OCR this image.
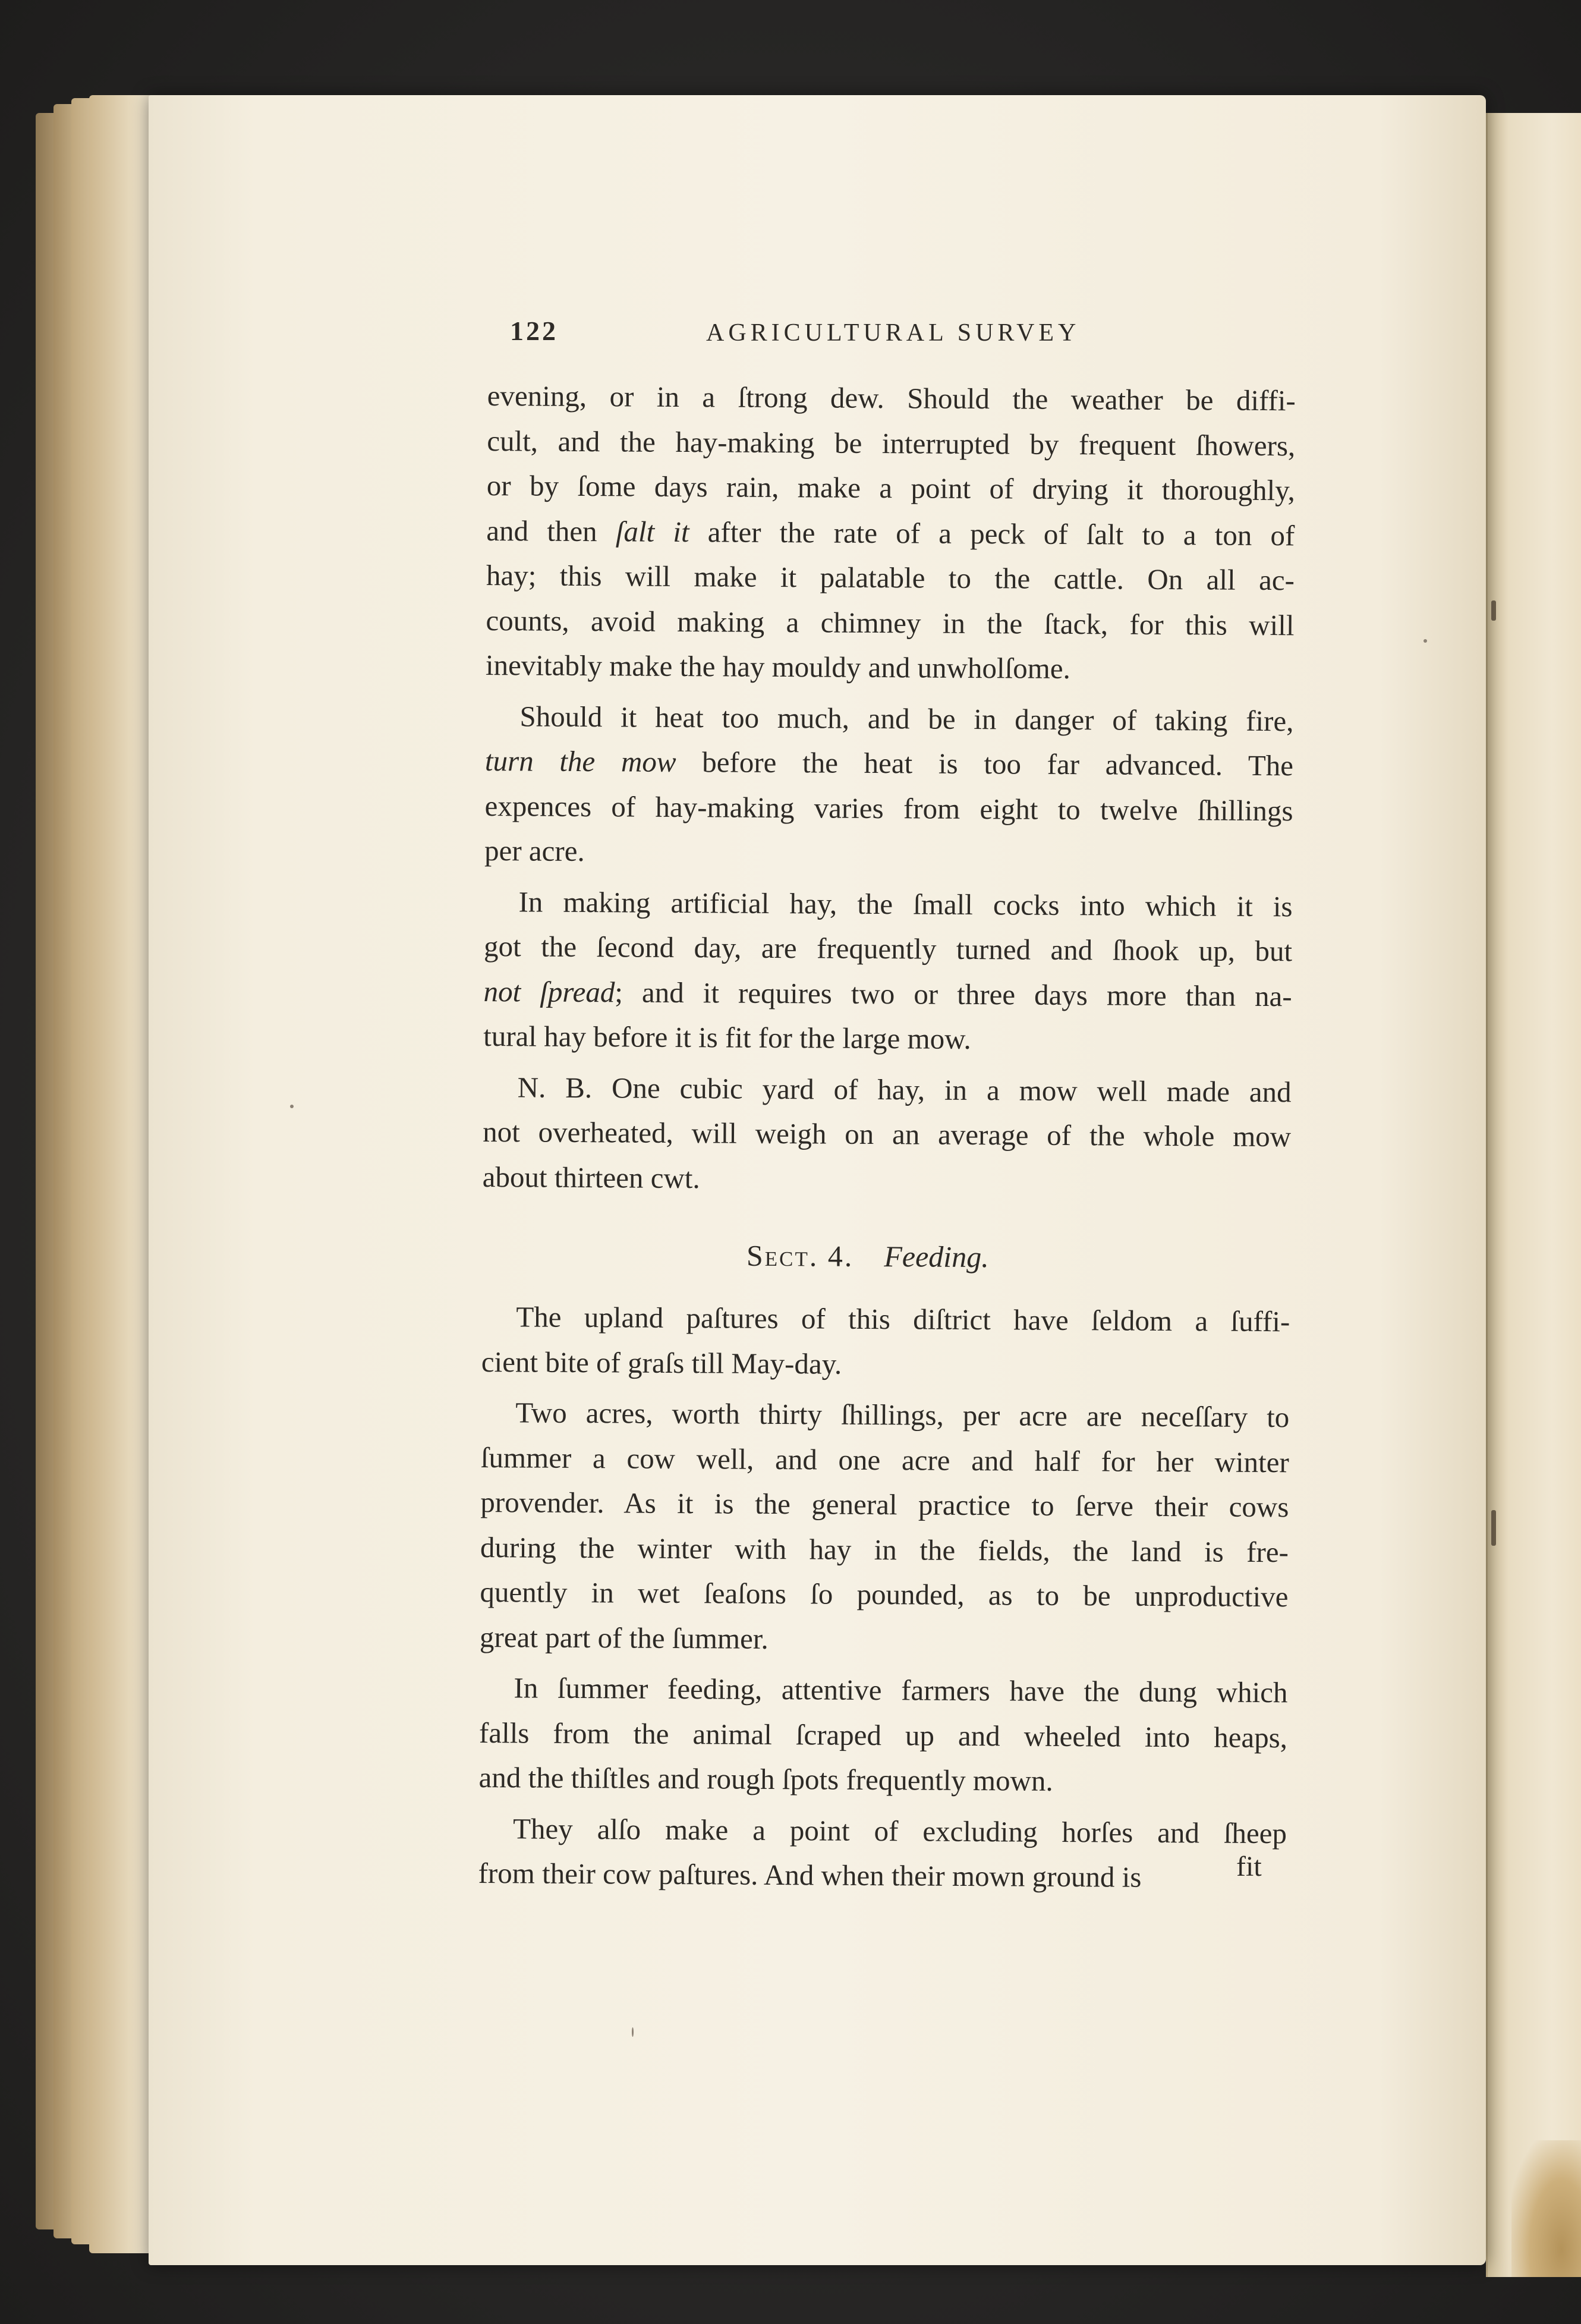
122	AGRICULTURAL SURVEY
evening, or in a ſtrong dew. Should the weather be diffi-
cult, and the hay-making be interrupted by frequent ſhowers,
or by ſome days rain, make a point of drying it thoroughly,
and then ſalt it after the rate of a peck of ſalt to a ton of
hay; this will make it palatable to the cattle. On all ac-
counts, avoid making a chimney in the ſtack, for this will
inevitably make the hay mouldy and unwholſome.
Should it heat too much, and be in danger of taking fire,
turn the mow before the heat is too far advanced. The
expences of hay-making varies from eight to twelve ſhillings
per acre.
In making artificial hay, the ſmall cocks into which it is
got the ſecond day, are frequently turned and ſhook up, but
not ſpread; and it requires two or three days more than na-
tural hay before it is fit for the large mow.
N. B. One cubic yard of hay, in a mow well made and
not overheated, will weigh on an average of the whole mow
about thirteen cwt.
Sect. 4. Feeding.
The upland paſtures of this diſtrict have ſeldom a ſuffi-
cient bite of graſs till May-day.
Two acres, worth thirty ſhillings, per acre are neceſſary to
ſummer a cow well, and one acre and half for her winter
provender. As it is the general practice to ſerve their cows
during the winter with hay in the fields, the land is fre-
quently in wet ſeaſons ſo pounded, as to be unproductive
great part of the ſummer.
In ſummer feeding, attentive farmers have the dung which
falls from the animal ſcraped up and wheeled into heaps,
and the thiſtles and rough ſpots frequently mown.
They alſo make a point of excluding horſes and ſheep
from their cow paſtures. And when their mown ground is	fit
